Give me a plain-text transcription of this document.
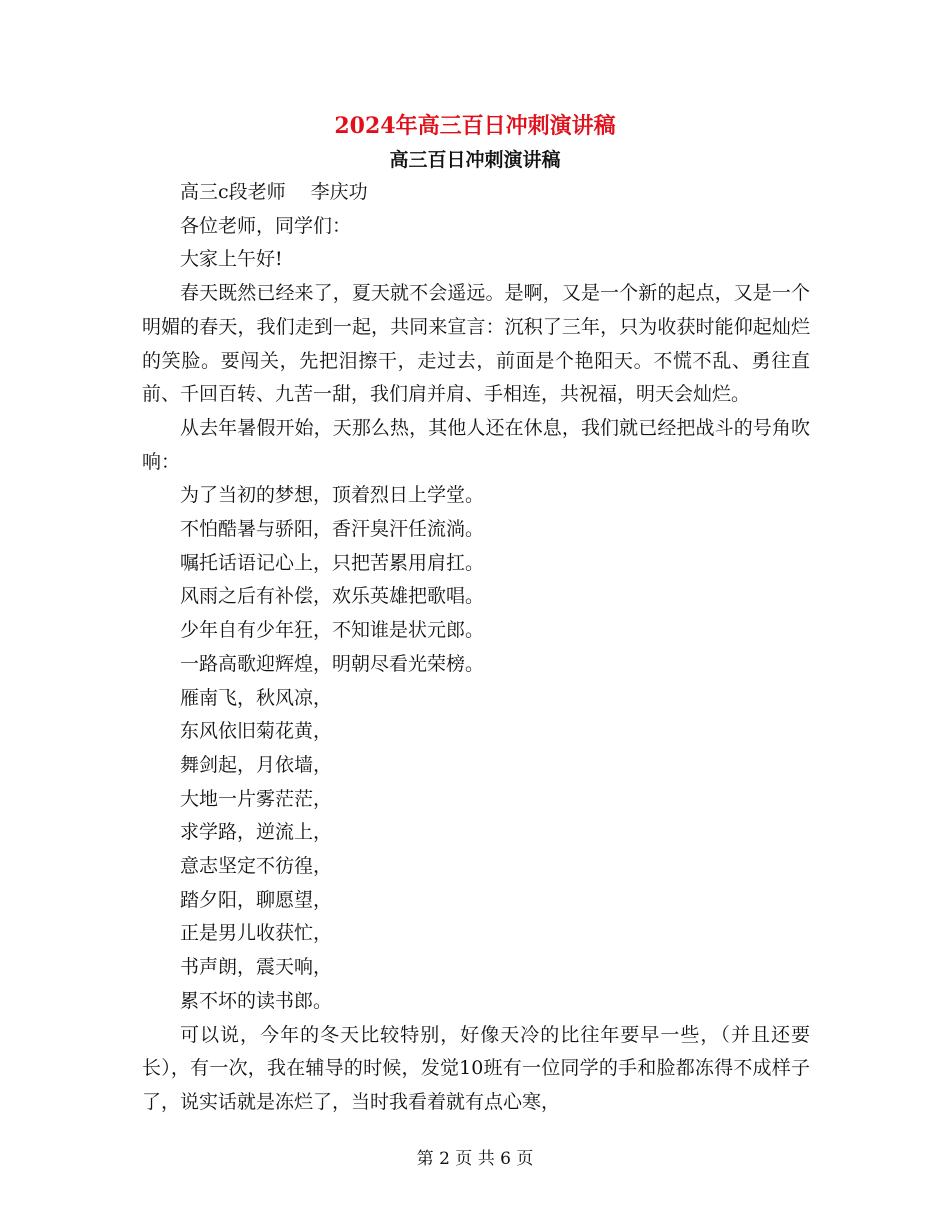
2024年高三百日冲刺演讲稿
高三百日冲刺演讲稿

高三c段老师　 李庆功

各位老师，同学们：

大家上午好!

春天既然已经来了，夏天就不会遥远。是啊，又是一个新的起点，又是一个明媚的春天，我们走到一起，共同来宣言：沉积了三年，只为收获时能仰起灿烂的笑脸。要闯关，先把泪擦干，走过去，前面是个艳阳天。不慌不乱、勇往直前、千回百转、九苦一甜，我们肩并肩、手相连，共祝福，明天会灿烂。

从去年暑假开始，天那么热，其他人还在休息，我们就已经把战斗的号角吹响：

为了当初的梦想，顶着烈日上学堂。

不怕酷暑与骄阳，香汗臭汗任流淌。

嘱托话语记心上，只把苦累用肩扛。

风雨之后有补偿，欢乐英雄把歌唱。

少年自有少年狂，不知谁是状元郎。

一路高歌迎辉煌，明朝尽看光荣榜。

雁南飞，秋风凉，

东风依旧菊花黄，

舞剑起，月依墙，

大地一片雾茫茫，

求学路，逆流上，

意志坚定不彷徨，

踏夕阳，聊愿望，

正是男儿收获忙，

书声朗，震天响，

累不坏的读书郎。

可以说，今年的冬天比较特别，好像天冷的比往年要早一些，（并且还要长），有一次，我在辅导的时候，发觉10班有一位同学的手和脸都冻得不成样子了，说实话就是冻烂了，当时我看着就有点心寒，

第 2 页 共 6 页
